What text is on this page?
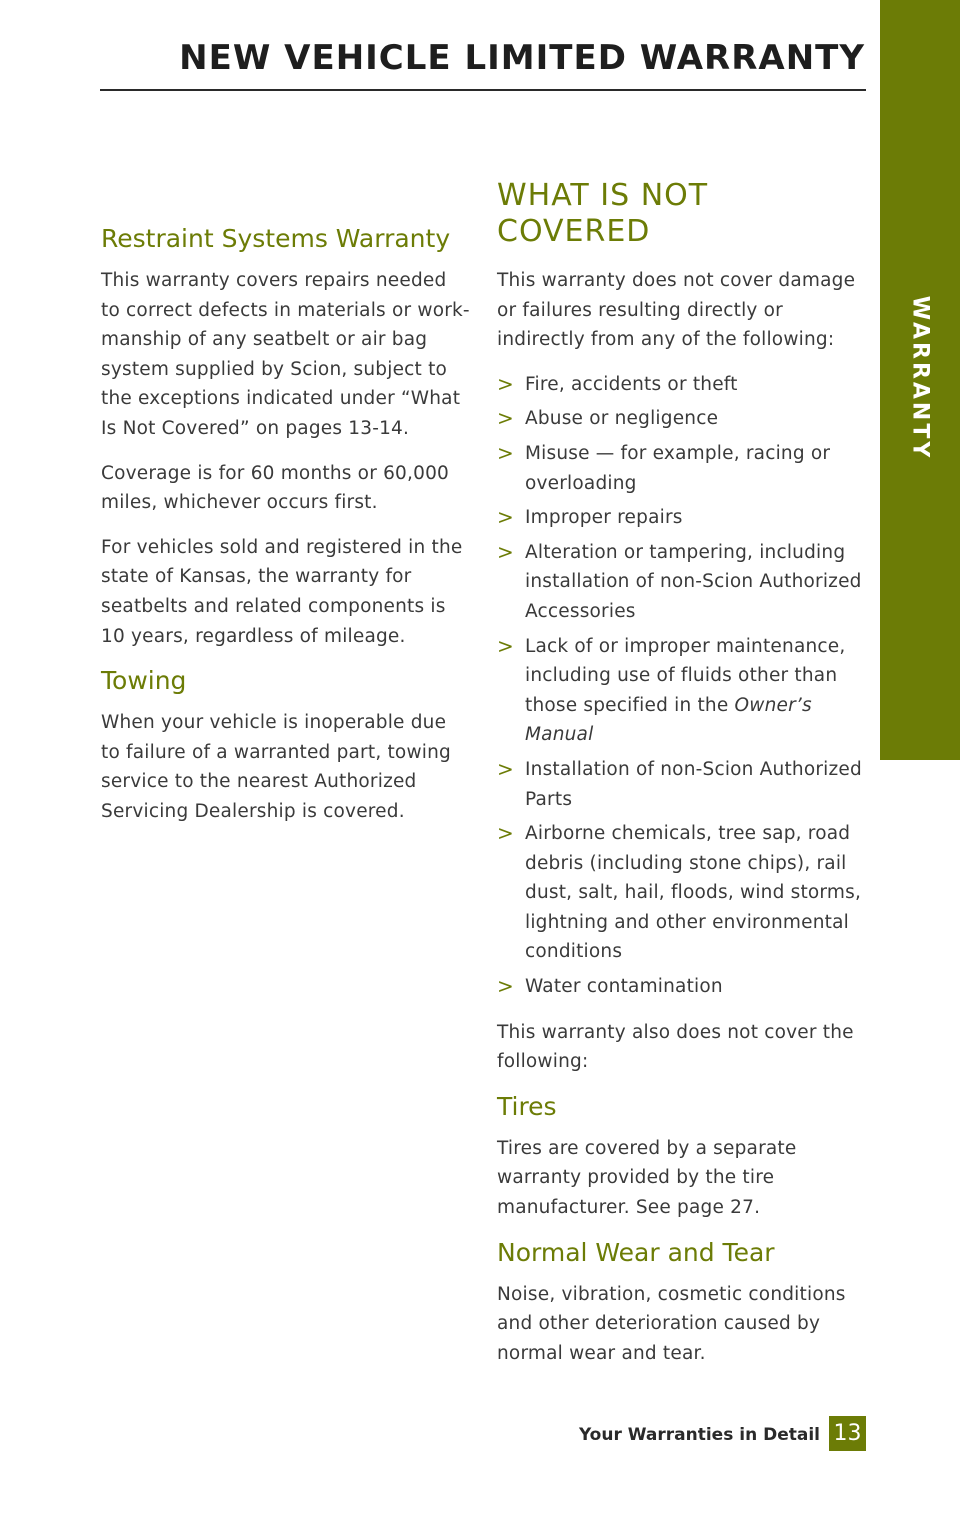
NEW VEHICLE LIMITED WARRANTY
WARRANTY
Restraint Systems Warranty

This warranty covers repairs needed to correct defects in materials or work-manship of any seatbelt or air bag system supplied by Scion, subject to the exceptions indicated under “What Is Not Covered” on pages 13-14.

Coverage is for 60 months or 60,000 miles, whichever occurs first.

For vehicles sold and registered in the state of Kansas, the warranty for seatbelts and related components is 10 years, regardless of mileage.

Towing

When your vehicle is inoperable due to failure of a warranted part, towing service to the nearest Authorized Servicing Dealership is covered.

WHAT IS NOT COVERED

This warranty does not cover damage or failures resulting directly or indirectly from any of the following:

> Fire, accidents or theft
> Abuse or negligence
> Misuse — for example, racing or overloading
> Improper repairs
> Alteration or tampering, including installation of non-Scion Authorized Accessories
> Lack of or improper maintenance, including use of fluids other than those specified in the Owner’s Manual
> Installation of non-Scion Authorized Parts
> Airborne chemicals, tree sap, road debris (including stone chips), rail dust, salt, hail, floods, wind storms, lightning and other environmental conditions
> Water contamination

This warranty also does not cover the following:

Tires

Tires are covered by a separate warranty provided by the tire manufacturer. See page 27.

Normal Wear and Tear

Noise, vibration, cosmetic conditions and other deterioration caused by normal wear and tear.

Your Warranties in Detail 13
